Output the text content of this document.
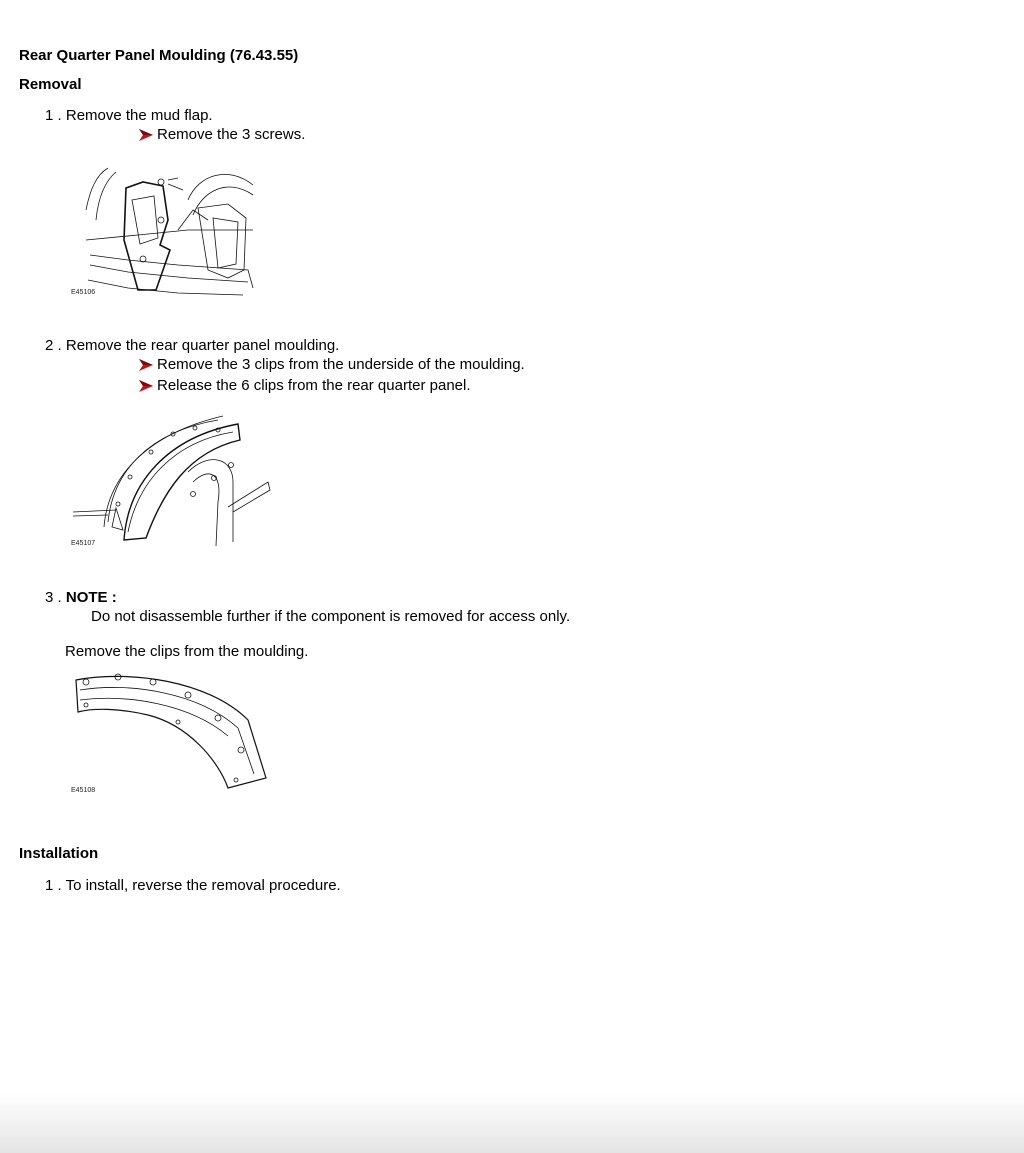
Rear Quarter Panel Moulding (76.43.55)
Removal
1 . Remove the mud flap.
Remove the 3 screws.
E45106
2 . Remove the rear quarter panel moulding.
Remove the 3 clips from the underside of the moulding.
Release the 6 clips from the rear quarter panel.
E45107
3 . NOTE :
Do not disassemble further if the component is removed for access only.
Remove the clips from the moulding.
E45108
Installation
1 . To install, reverse the removal procedure.
